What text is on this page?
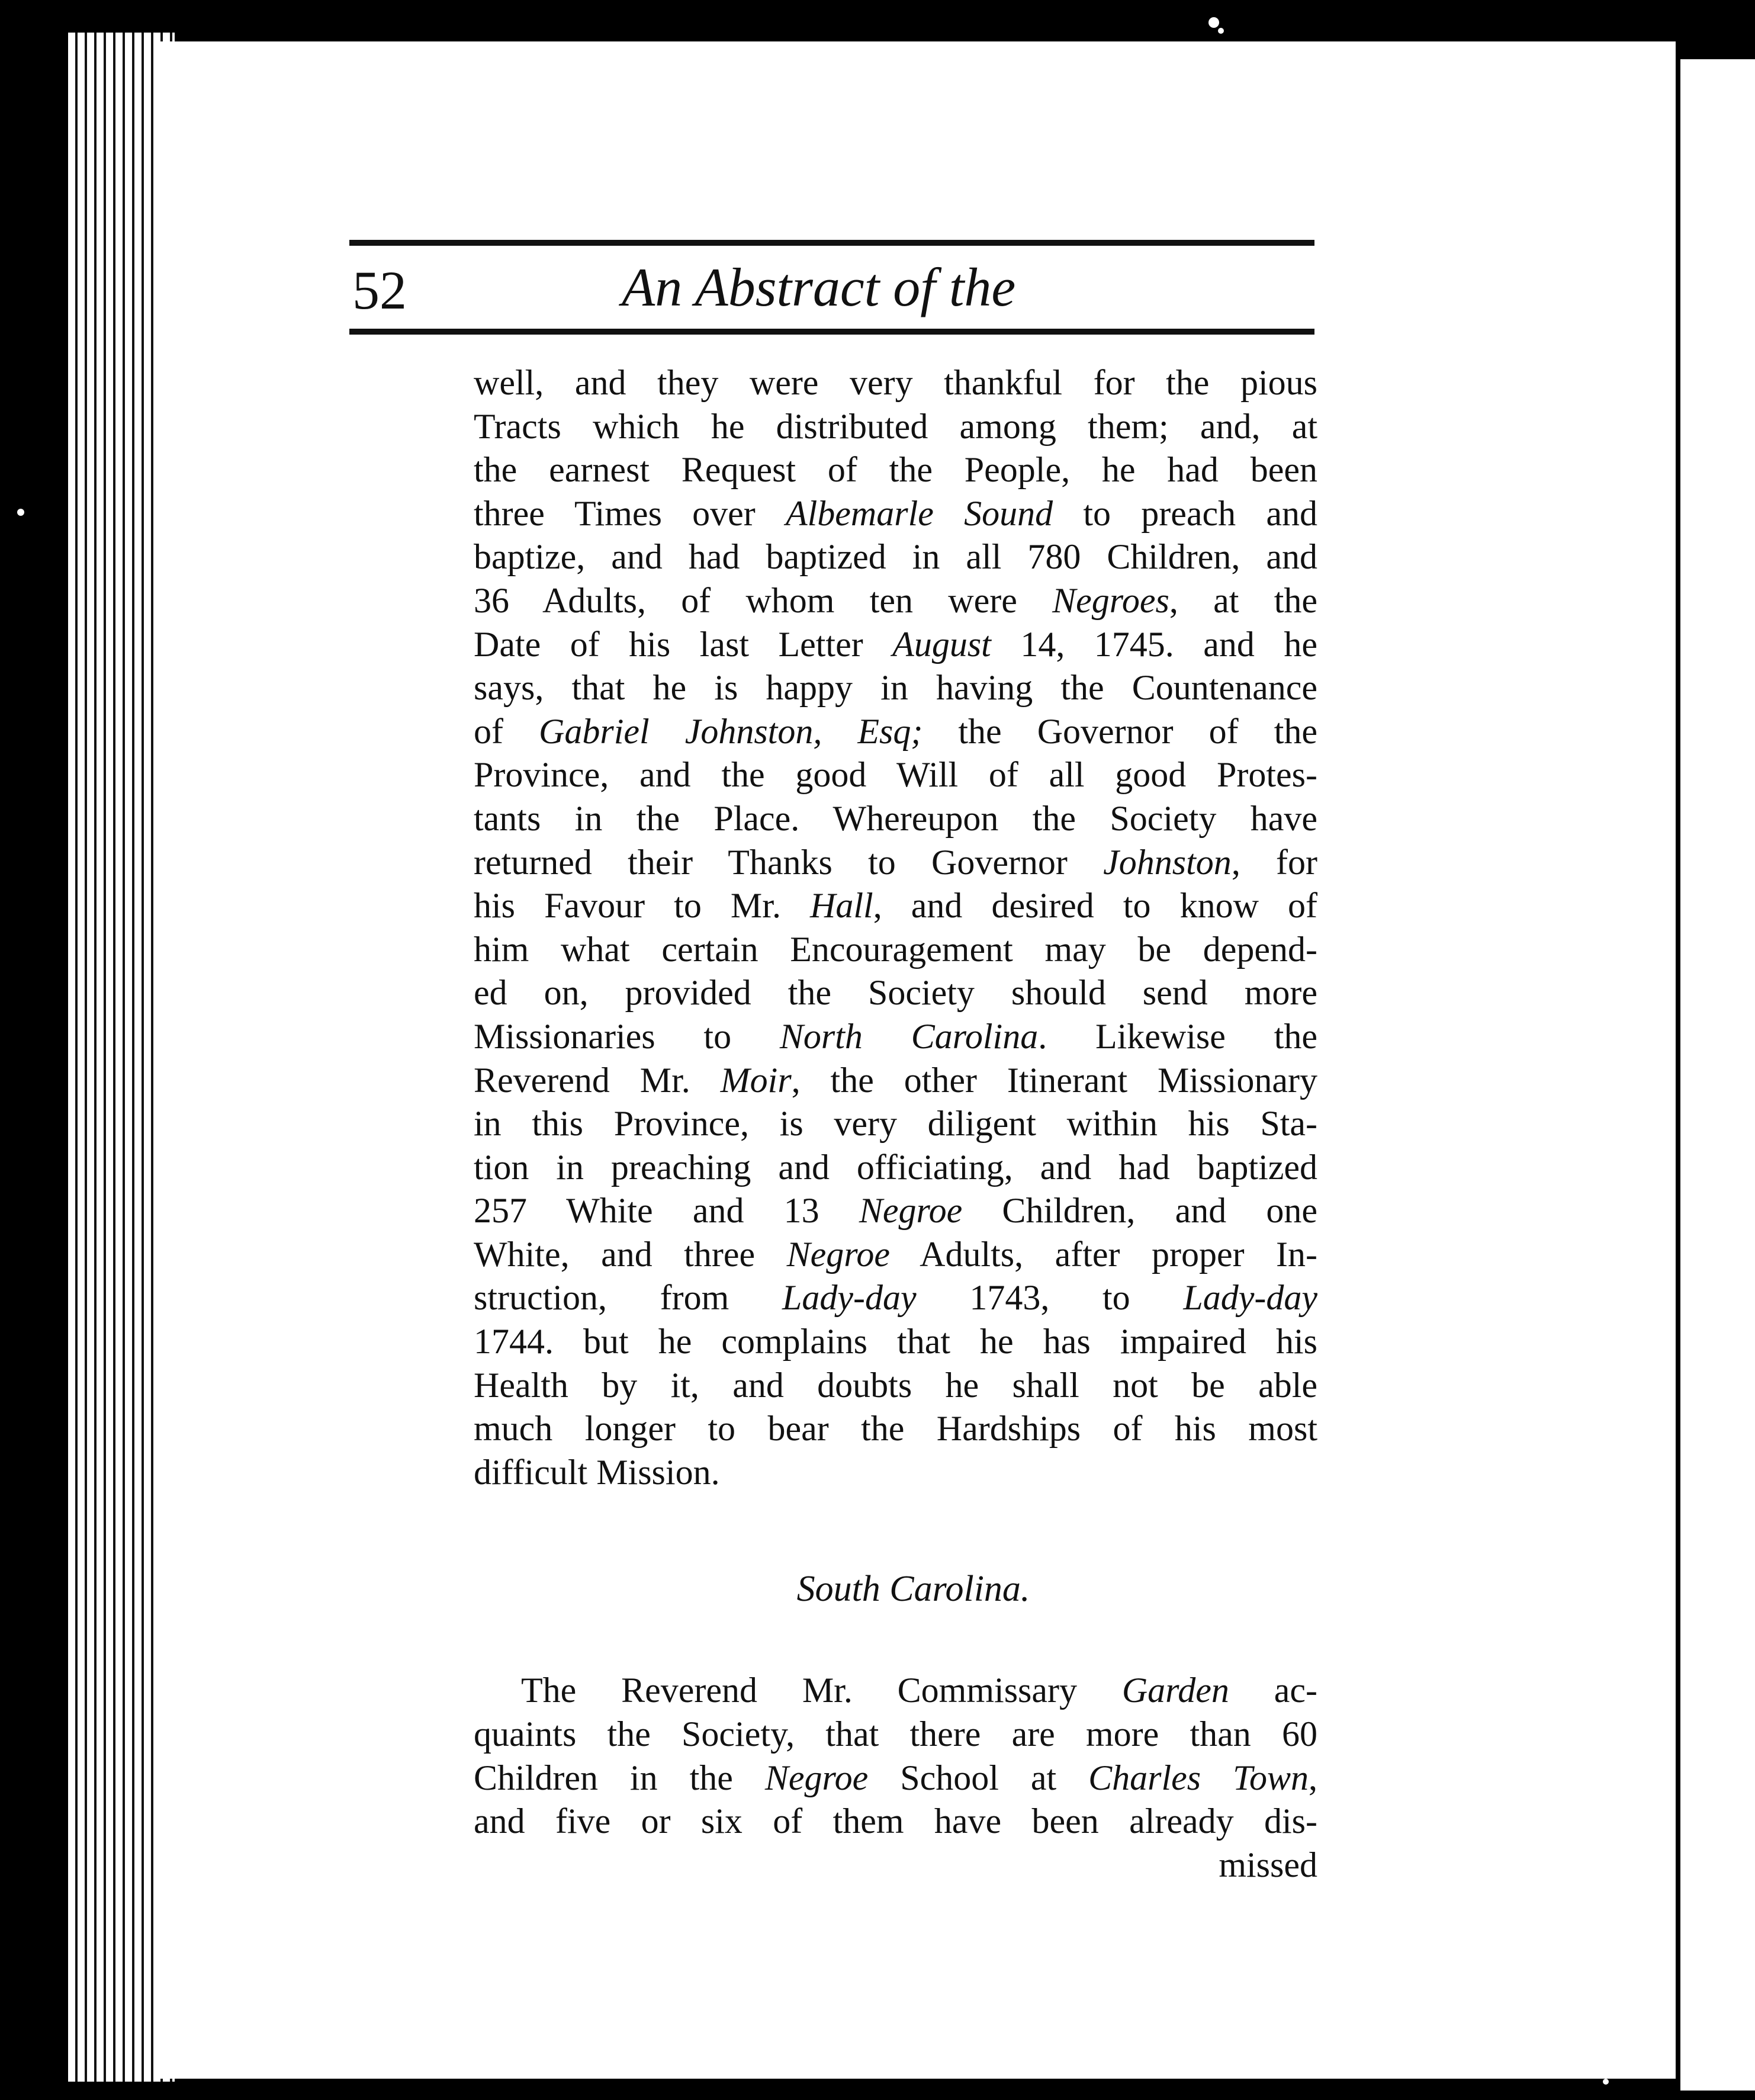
52	An Abstract of the

well, and they were very thankful for the pious

Tracts which he distributed among them; and, at

the earnest Request of the People, he had been

three Times over Albemarle Sound to preach and

baptize, and had baptized in all 780 Children, and

36 Adults, of whom ten were Negroes, at the

Date of his last Letter August 14, 1745. and he

says, that he is happy in having the Countenance

of Gabriel Johnston, Esq; the Governor of the

Province, and the good Will of all good Protes-

tants in the Place. Whereupon the Society have

returned their Thanks to Governor Johnston, for

his Favour to Mr. Hall, and desired to know of

him what certain Encouragement may be depend-

ed on, provided the Society should send more

Missionaries to North Carolina. Likewise the

Reverend Mr. Moir, the other Itinerant Missionary

in this Province, is very diligent within his Sta-

tion in preaching and officiating, and had baptized

257 White and 13 Negroe Children, and one

White, and three Negroe Adults, after proper In-

struction, from Lady-day 1743, to Lady-day

1744. but he complains that he has impaired his

Health by it, and doubts he shall not be able

much longer to bear the Hardships of his most

difficult Mission.

South Carolina.

The Reverend Mr. Commissary Garden ac-

quaints the Society, that there are more than 60

Children in the Negroe School at Charles Town,

and five or six of them have been already dis-

missed
